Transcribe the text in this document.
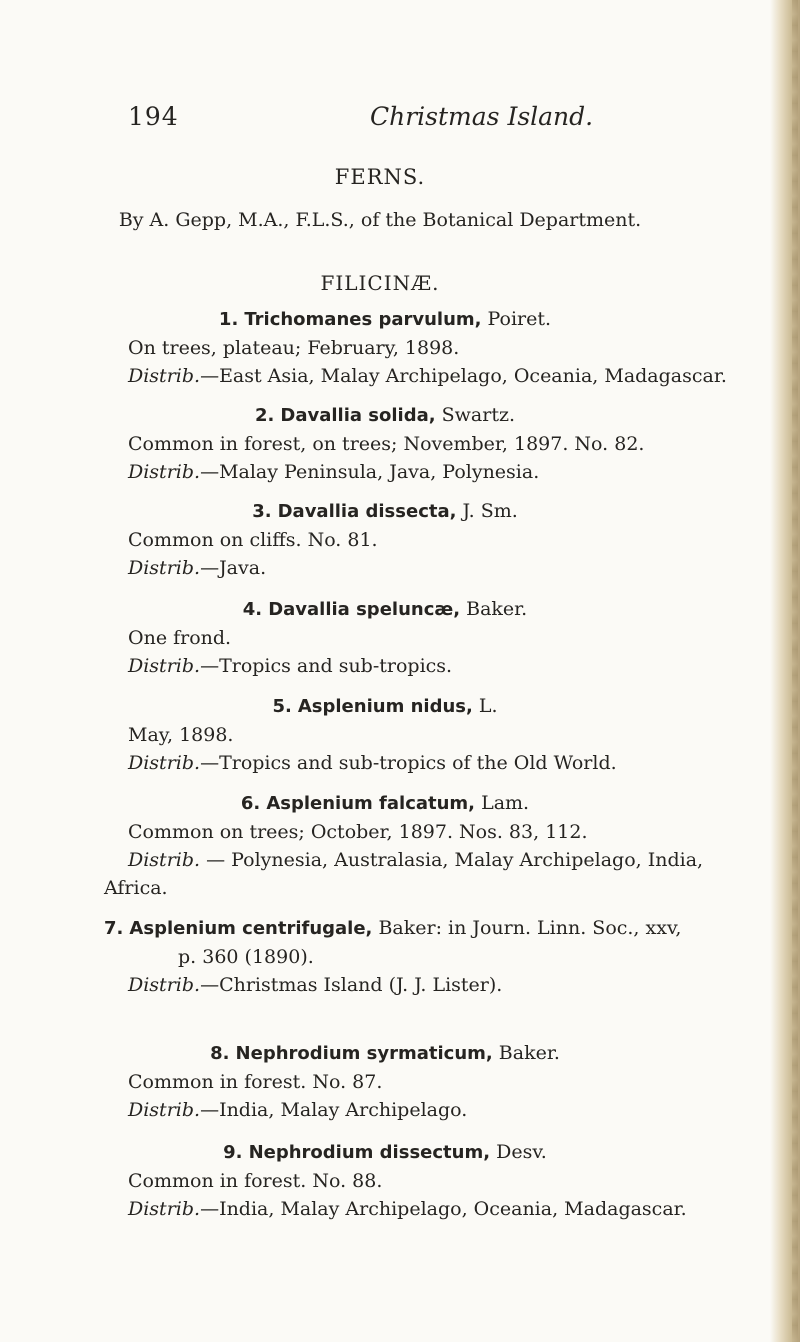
194	Christmas Island.
FERNS.
By A. Gepp, M.A., F.L.S., of the Botanical Department.
FILICINÆ.
1. Trichomanes parvulum, Poiret.
On trees, plateau; February, 1898.
Distrib.—East Asia, Malay Archipelago, Oceania, Madagascar.
2. Davallia solida, Swartz.
Common in forest, on trees; November, 1897. No. 82.
Distrib.—Malay Peninsula, Java, Polynesia.
3. Davallia dissecta, J. Sm.
Common on cliffs. No. 81.
Distrib.—Java.
4. Davallia speluncæ, Baker.
One frond.
Distrib.—Tropics and sub-tropics.
5. Asplenium nidus, L.
May, 1898.
Distrib.—Tropics and sub-tropics of the Old World.
6. Asplenium falcatum, Lam.
Common on trees; October, 1897. Nos. 83, 112.
Distrib. — Polynesia, Australasia, Malay Archipelago, India,
Africa.
7. Asplenium centrifugale, Baker: in Journ. Linn. Soc., xxv,
p. 360 (1890).
Distrib.—Christmas Island (J. J. Lister).
8. Nephrodium syrmaticum, Baker.
Common in forest. No. 87.
Distrib.—India, Malay Archipelago.
9. Nephrodium dissectum, Desv.
Common in forest. No. 88.
Distrib.—India, Malay Archipelago, Oceania, Madagascar.
